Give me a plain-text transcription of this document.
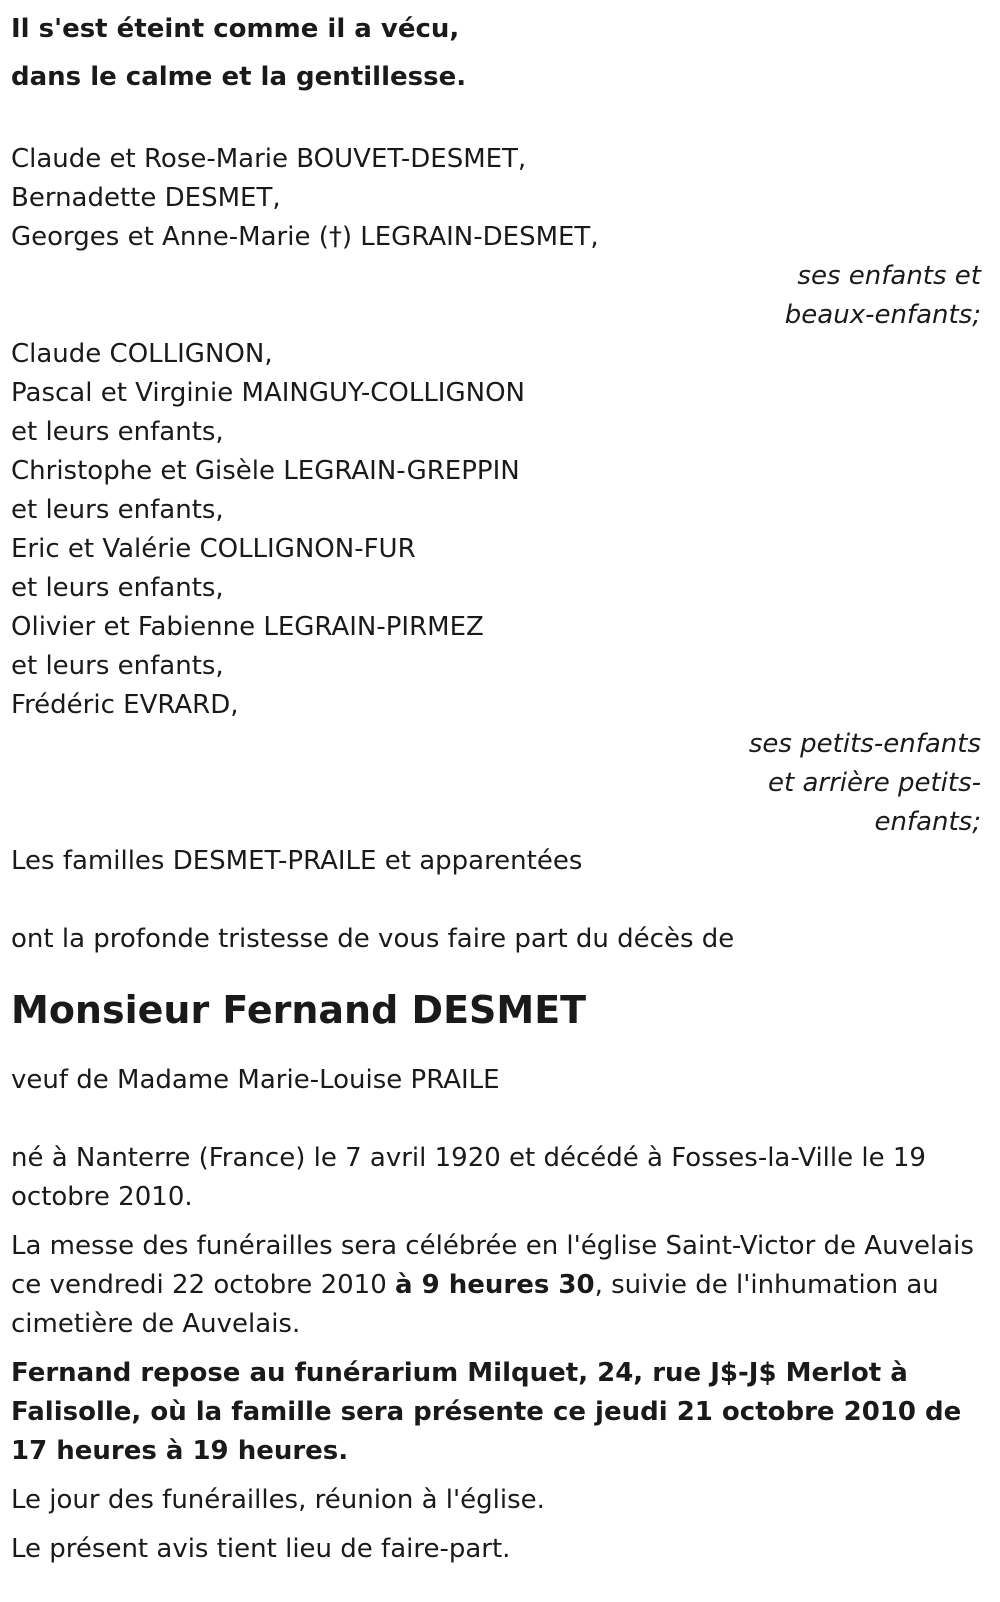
Il s'est éteint comme il a vécu,
dans le calme et la gentillesse.
Claude et Rose-Marie BOUVET-DESMET,
Bernadette DESMET,
Georges et Anne-Marie (†) LEGRAIN-DESMET,
ses enfants et
beaux-enfants;
Claude COLLIGNON,
Pascal et Virginie MAINGUY-COLLIGNON
et leurs enfants,
Christophe et Gisèle LEGRAIN-GREPPIN
et leurs enfants,
Eric et Valérie COLLIGNON-FUR
et leurs enfants,
Olivier et Fabienne LEGRAIN-PIRMEZ
et leurs enfants,
Frédéric EVRARD,
ses petits-enfants
et arrière petits-
enfants;
Les familles DESMET-PRAILE et apparentées
ont la profonde tristesse de vous faire part du décès de
Monsieur Fernand DESMET
veuf de Madame Marie-Louise PRAILE
né à Nanterre (France) le 7 avril 1920 et décédé à Fosses-la-Ville le 19 octobre 2010.
La messe des funérailles sera célébrée en l'église Saint-Victor de Auvelais ce vendredi 22 octobre 2010 à 9 heures 30, suivie de l'inhumation au cimetière de Auvelais.
Fernand repose au funérarium Milquet, 24, rue J$-J$ Merlot à Falisolle, où la famille sera présente ce jeudi 21 octobre 2010 de 17 heures à 19 heures.
Le jour des funérailles, réunion à l'église.
Le présent avis tient lieu de faire-part.
